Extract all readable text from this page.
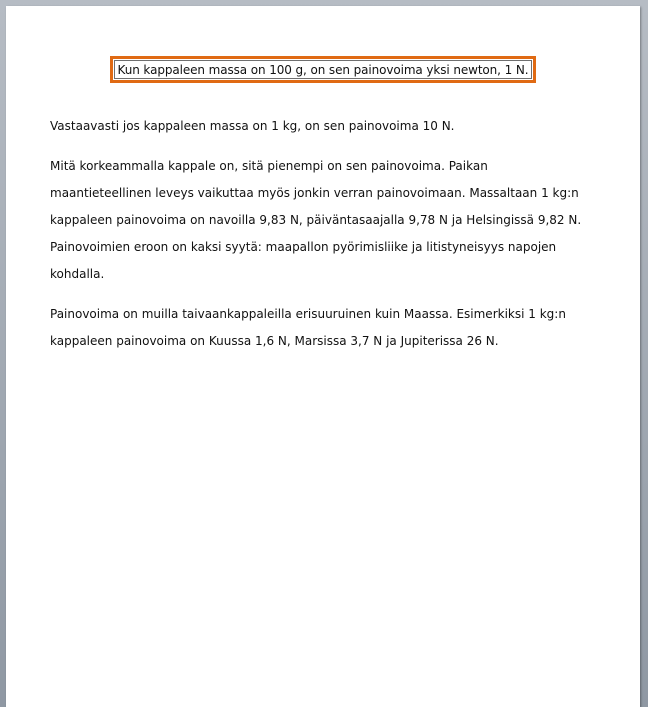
Kun kappaleen massa on 100 g, on sen painovoima yksi newton, 1 N.

Vastaavasti jos kappaleen massa on 1 kg, on sen painovoima 10 N.

Mitä korkeammalla kappale on, sitä pienempi on sen painovoima. Paikan
maantieteellinen leveys vaikuttaa myös jonkin verran painovoimaan. Massaltaan 1 kg:n
kappaleen painovoima on navoilla 9,83 N, päiväntasaajalla 9,78 N ja Helsingissä 9,82 N.
Painovoimien eroon on kaksi syytä: maapallon pyörimisliike ja litistyneisyys napojen
kohdalla.

Painovoima on muilla taivaankappaleilla erisuuruinen kuin Maassa. Esimerkiksi 1 kg:n
kappaleen painovoima on Kuussa 1,6 N, Marsissa 3,7 N ja Jupiterissa 26 N.
